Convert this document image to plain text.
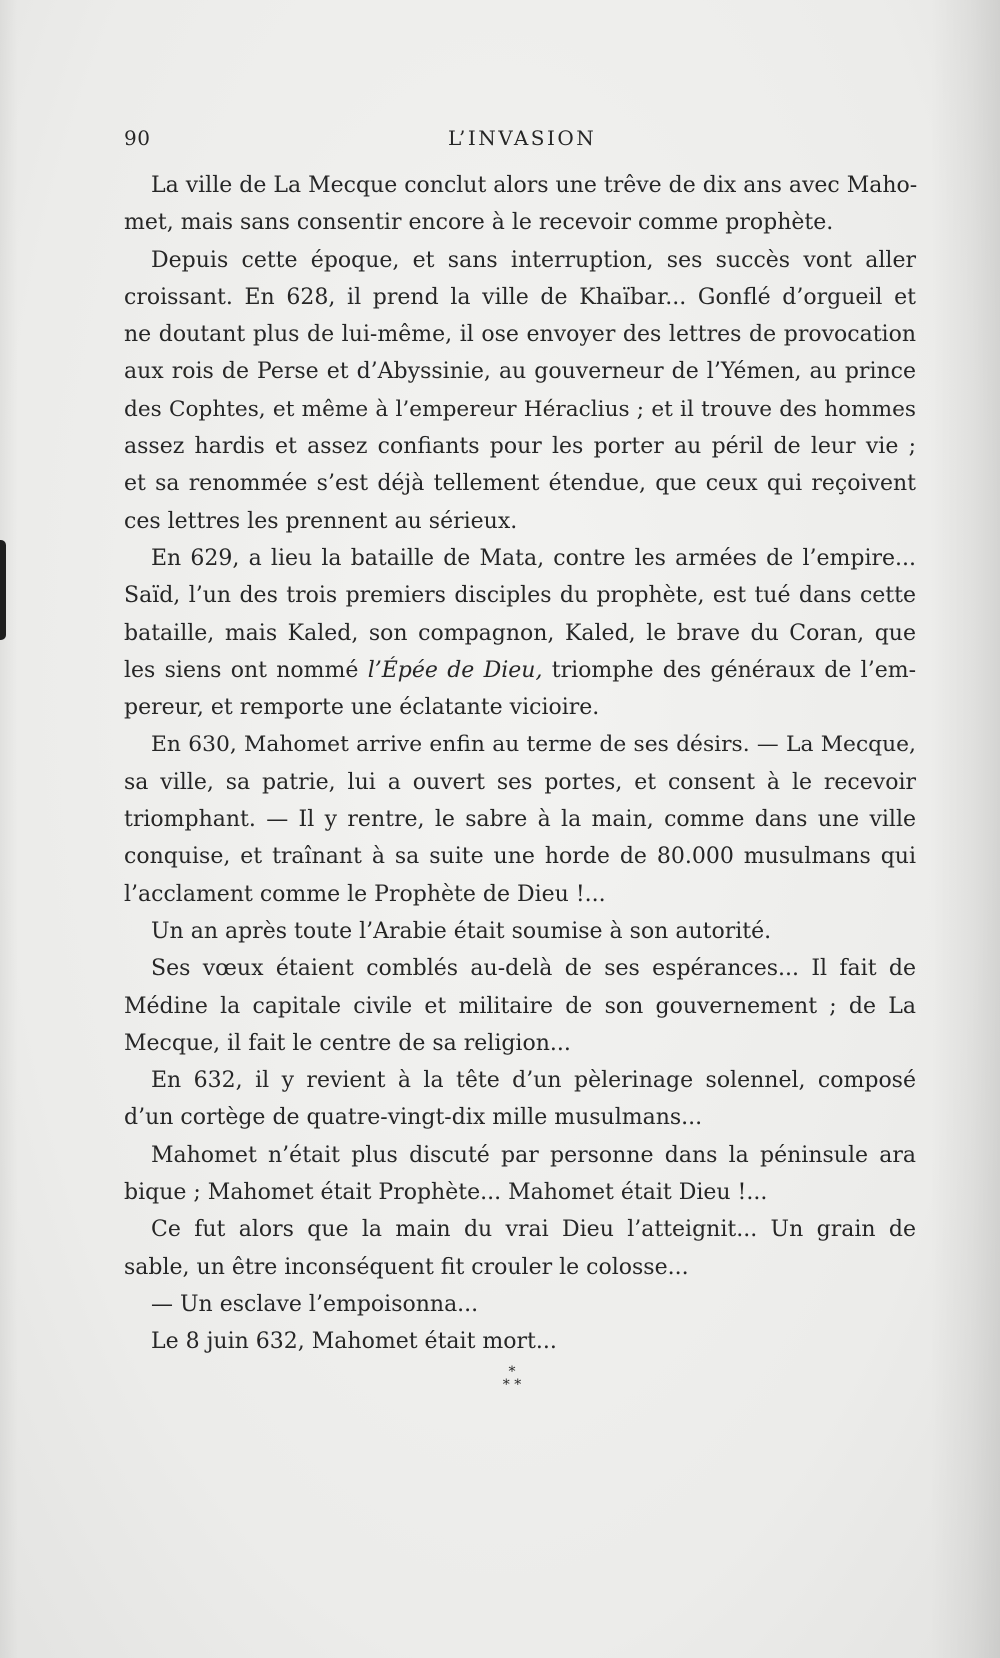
90	L’INVASION
La ville de La Mecque conclut alors une trêve de dix ans avec Maho-
met, mais sans consentir encore à le recevoir comme prophète.
Depuis cette époque, et sans interruption, ses succès vont aller
croissant. En 628, il prend la ville de Khaïbar... Gonflé d’orgueil et
ne doutant plus de lui-même, il ose envoyer des lettres de provocation
aux rois de Perse et d’Abyssinie, au gouverneur de l’Yémen, au prince
des Cophtes, et même à l’empereur Héraclius ; et il trouve des hommes
assez hardis et assez confiants pour les porter au péril de leur vie ;
et sa renommée s’est déjà tellement étendue, que ceux qui reçoivent
ces lettres les prennent au sérieux.
En 629, a lieu la bataille de Mata, contre les armées de l’empire...
Saïd, l’un des trois premiers disciples du prophète, est tué dans cette
bataille, mais Kaled, son compagnon, Kaled, le brave du Coran, que
les siens ont nommé l’Épée de Dieu, triomphe des généraux de l’em-
pereur, et remporte une éclatante vicioire.
En 630, Mahomet arrive enfin au terme de ses désirs. — La Mecque,
sa ville, sa patrie, lui a ouvert ses portes, et consent à le recevoir
triomphant. — Il y rentre, le sabre à la main, comme dans une ville
conquise, et traînant à sa suite une horde de 80.000 musulmans qui
l’acclament comme le Prophète de Dieu !...
Un an après toute l’Arabie était soumise à son autorité.
Ses vœux étaient comblés au-delà de ses espérances... Il fait de
Médine la capitale civile et militaire de son gouvernement ; de La
Mecque, il fait le centre de sa religion...
En 632, il y revient à la tête d’un pèlerinage solennel, composé
d’un cortège de quatre-vingt-dix mille musulmans...
Mahomet n’était plus discuté par personne dans la péninsule ara
bique ; Mahomet était Prophète... Mahomet était Dieu !...
Ce fut alors que la main du vrai Dieu l’atteignit... Un grain de
sable, un être inconséquent fit crouler le colosse...
— Un esclave l’empoisonna...
Le 8 juin 632, Mahomet était mort...
*
* *
